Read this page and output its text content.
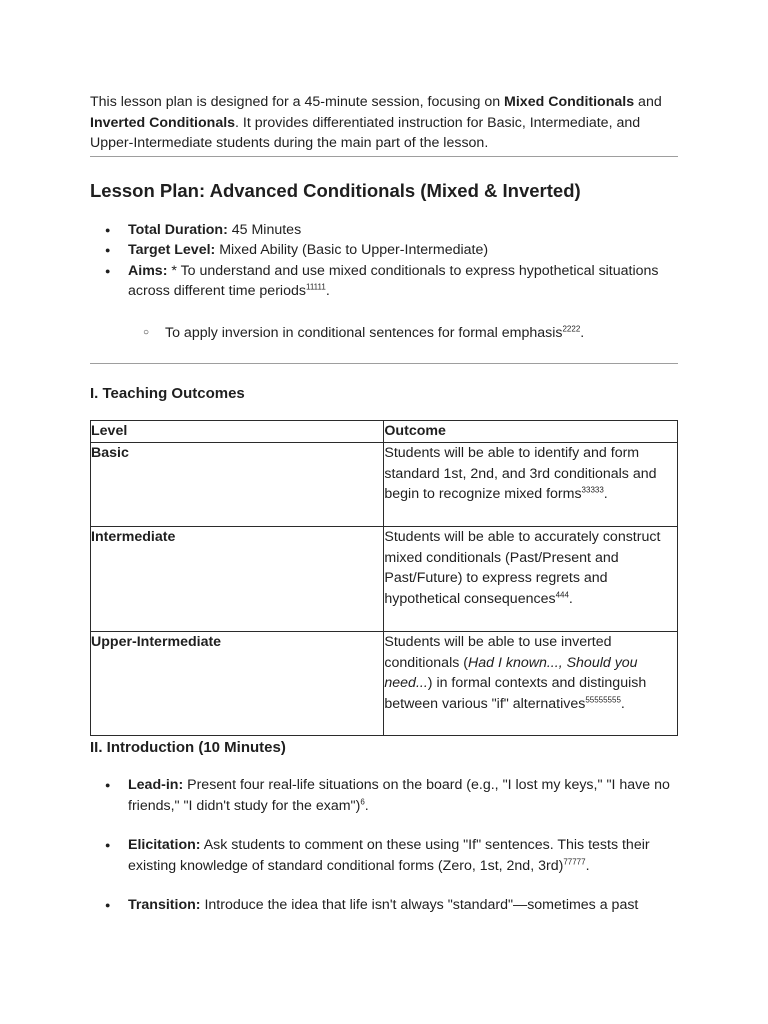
This lesson plan is designed for a 45-minute session, focusing on Mixed Conditionals and Inverted Conditionals. It provides differentiated instruction for Basic, Intermediate, and Upper-Intermediate students during the main part of the lesson.

Lesson Plan: Advanced Conditionals (Mixed & Inverted)
● Total Duration: 45 Minutes
● Target Level: Mixed Ability (Basic to Upper-Intermediate)
● Aims: * To understand and use mixed conditionals to express hypothetical situations across different time periods$^{11111}$.
○ To apply inversion in conditional sentences for formal emphasis$^{2222}$.
I. Teaching Outcomes
Level	Outcome
Basic	Students will be able to identify and form standard 1st, 2nd, and 3rd conditionals and begin to recognize mixed forms$^{33333}$.
Intermediate	Students will be able to accurately construct mixed conditionals (Past/Present and Past/Future) to express regrets and hypothetical consequences$^{444}$.
Upper-Intermediate	Students will be able to use inverted conditionals (Had I known..., Should you need...) in formal contexts and distinguish between various "if" alternatives$^{55555555}$.
II. Introduction (10 Minutes)
● Lead-in: Present four real-life situations on the board (e.g., "I lost my keys," "I have no friends," "I didn't study for the exam")$^6$.
● Elicitation: Ask students to comment on these using "If" sentences. This tests their existing knowledge of standard conditional forms (Zero, 1st, 2nd, 3rd)$^{77777}$.
● Transition: Introduce the idea that life isn't always "standard"—sometimes a past
